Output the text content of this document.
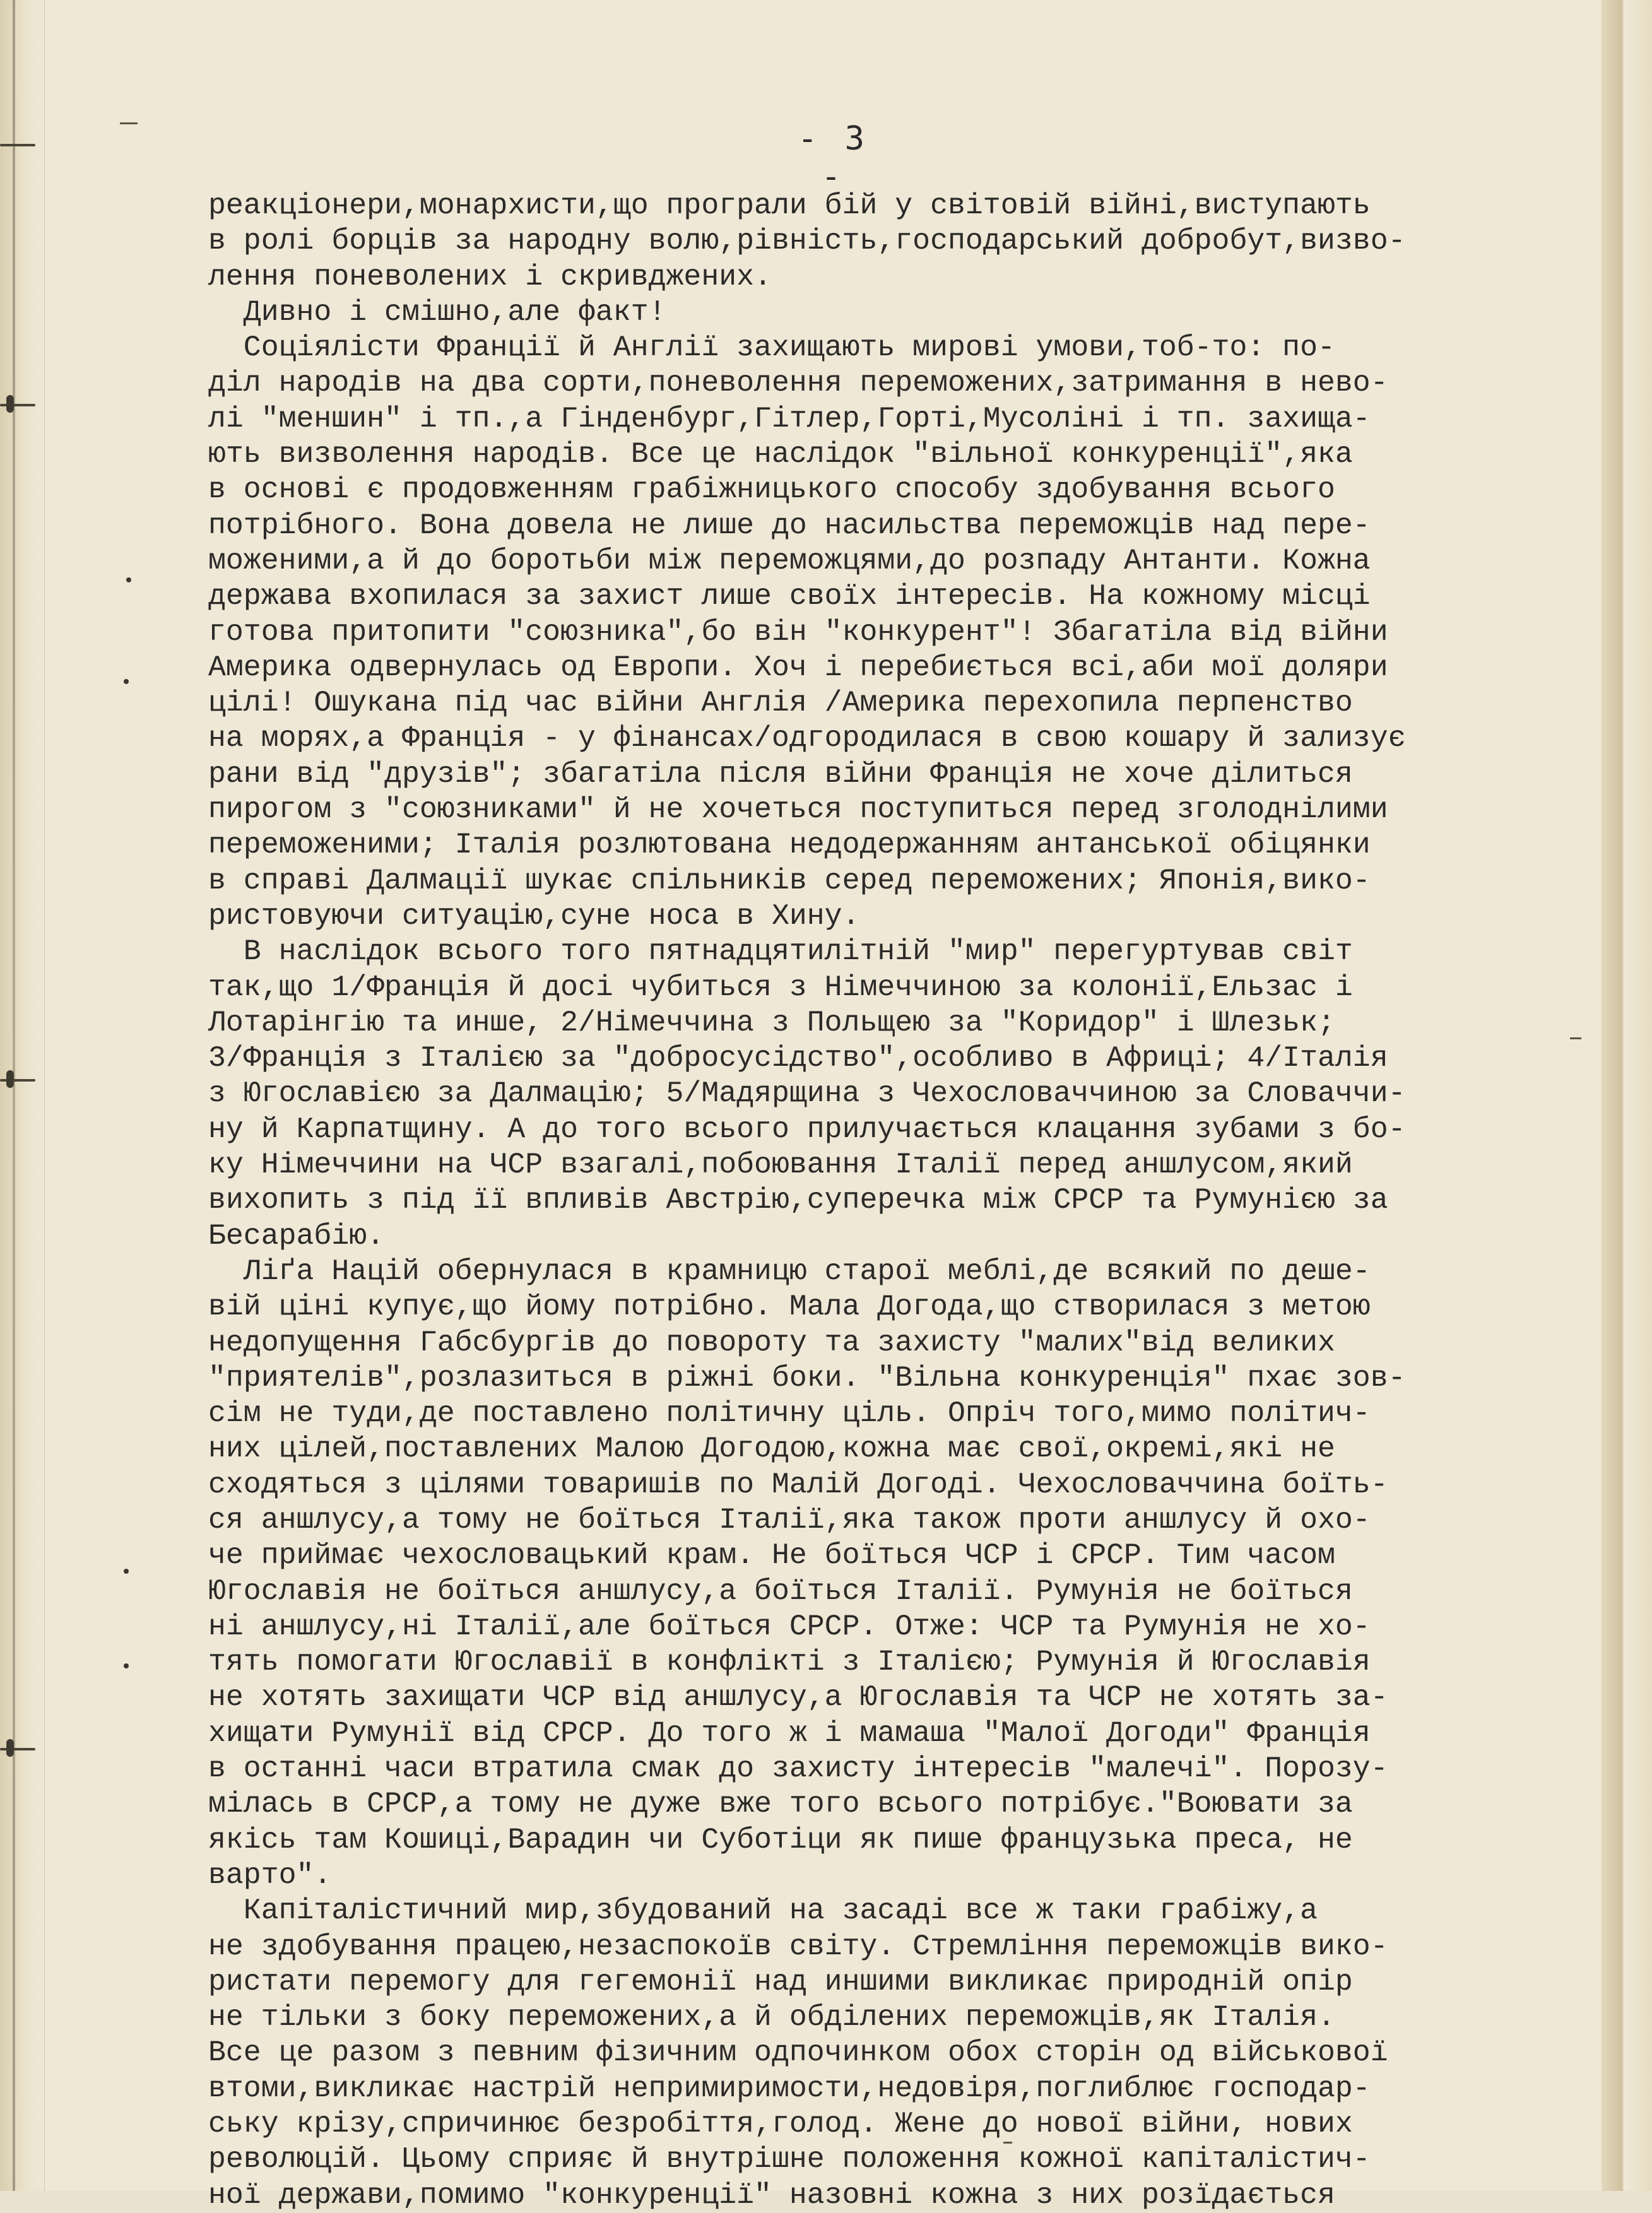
- 3 -
реакціонери,монархисти,що програли бій у світовій війні,виступають
в ролі борців за народну волю,рівність,господарський добробут,визво-
лення поневолених і скривджених.
Дивно і смішно,але факт!
Соціялісти Франції й Англії захищають мирові умови,тоб-то: по-
діл народів на два сорти,поневолення переможених,затримання в нево-
лі "меншин" і тп.,а Гінденбург,Гітлер,Горті,Мусоліні і тп. захища-
ють визволення народів. Все це наслідок "вільної конкуренції",яка
в основі є продовженням грабіжницького способу здобування всього
потрібного. Вона довела не лише до насильства переможців над пере-
моженими,а й до боротьби між переможцями,до розпаду Антанти. Кожна
держава вхопилася за захист лише своїх інтересів. На кожному місці
готова притопити "союзника",бо він "конкурент"! Збагатіла від війни
Америка одвернулась од Европи. Хоч і перебиється всі,аби мої доляри
цілі! Ошукана під час війни Англія /Америка перехопила перпенство
на морях,а Франція - у фінансах/одгородилася в свою кошару й зализує
рани від "друзів"; збагатіла після війни Франція не хоче ділиться
пирогом з "союзниками" й не хочеться поступиться перед зголоднілими
переможеними; Італія розлютована недодержанням антанської обіцянки
в справі Далмації шукає спільників серед переможених; Японія,вико-
ристовуючи ситуацію,суне носа в Хину.
В наслідок всього того пятнадцятилітній "мир" перегуртував світ
так,що 1/Франція й досі чубиться з Німеччиною за колонії,Ельзас і
Лотарінгію та инше, 2/Німеччина з Польщею за "Коридор" і Шлезьк;
3/Франція з Італією за "добросусідство",особливо в Африці; 4/Італія
з Югославією за Далмацію; 5/Мадярщина з Чехословаччиною за Словаччи-
ну й Карпатщину. А до того всього прилучається клацання зубами з бо-
ку Німеччини на ЧСР взагалі,побоювання Італії перед аншлусом,який
вихопить з під її впливів Австрію,суперечка між СРСР та Румунією за
Бесарабію.
Ліґа Націй обернулася в крамницю старої меблі,де всякий по деше-
вій ціні купує,що йому потрібно. Мала Догода,що створилася з метою
недопущення Габсбургів до повороту та захисту "малих"від великих
"приятелів",розлазиться в ріжні боки. "Вільна конкуренція" пхає зов-
сім не туди,де поставлено політичну ціль. Опріч того,мимо політич-
них цілей,поставлених Малою Догодою,кожна має свої,окремі,які не
сходяться з цілями товаришів по Малій Догоді. Чехословаччина боїть-
ся аншлусу,а тому не боїться Італії,яка також проти аншлусу й охо-
че приймає чехословацький крам. Не боїться ЧСР і СРСР. Тим часом
Югославія не боїться аншлусу,а боїться Італії. Румунія не боїться
ні аншлусу,ні Італії,але боїться СРСР. Отже: ЧСР та Румунія не хо-
тять помогати Югославії в конфлікті з Італією; Румунія й Югославія
не хотять захищати ЧСР від аншлусу,а Югославія та ЧСР не хотять за-
хищати Румунії від СРСР. До того ж і мамаша "Малої Догоди" Франція
в останні часи втратила смак до захисту інтересів "малечі". Порозу-
мілась в СРСР,а тому не дуже вже того всього потрібує."Воювати за
якісь там Кошиці,Варадин чи Суботіци як пише французька преса, не
варто".
Капіталістичний мир,збудований на засаді все ж таки грабіжу,а
не здобування працею,незаспокоїв світу. Стремління переможців вико-
ристати перемогу для гегемонії над иншими викликає природній опір
не тільки з боку переможених,а й обділених переможців,як Італія.
Все це разом з певним фізичним одпочинком обох сторін од військової
втоми,викликає настрій непримиримости,недовіря,поглиблює господар-
ську крізу,спричинює безробіття,голод. Жене до нової війни, нових
революцій. Цьому сприяє й внутрішне положення кожної капіталістич-
ної держави,помимо "конкуренції" назовні кожна з них розїдається
